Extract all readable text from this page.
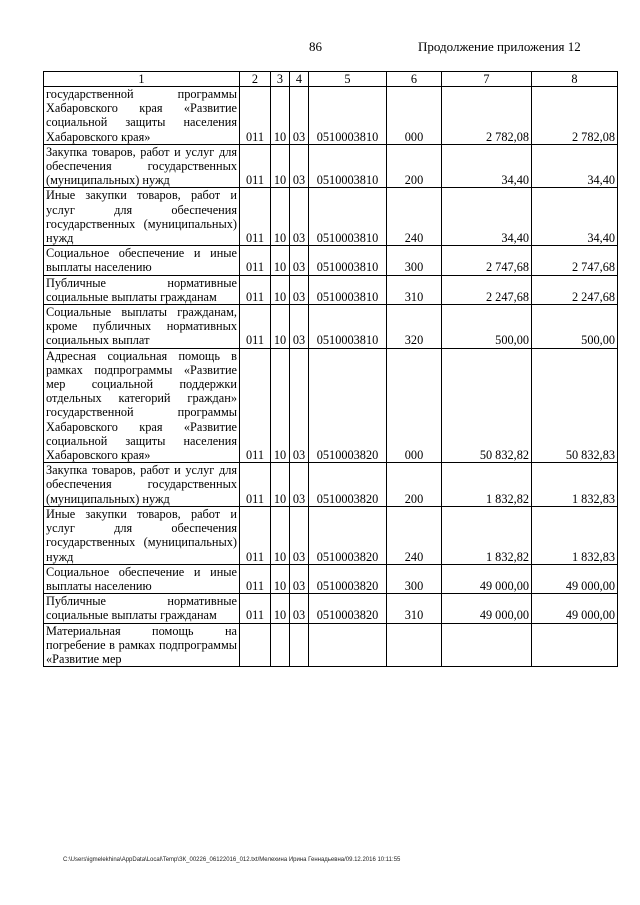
86	Продолжение приложения 12
1	2	3	4	5	6	7	8
государственной программы Хабаровского края «Развитие социальной защиты населения Хабаровского края»	011	10	03	0510003810	000	2 782,08	2 782,08
Закупка товаров, работ и услуг для обеспечения государственных (муниципальных) нужд	011	10	03	0510003810	200	34,40	34,40
Иные закупки товаров, работ и услуг для обеспечения государственных (муниципальных) нужд	011	10	03	0510003810	240	34,40	34,40
Социальное обеспечение и иные выплаты населению	011	10	03	0510003810	300	2 747,68	2 747,68
Публичные нормативные социальные выплаты гражданам	011	10	03	0510003810	310	2 247,68	2 247,68
Социальные выплаты гражданам, кроме публичных нормативных социальных выплат	011	10	03	0510003810	320	500,00	500,00
Адресная социальная помощь в рамках подпрограммы «Развитие мер социальной поддержки отдельных категорий граждан» государственной программы Хабаровского края «Развитие социальной защиты населения Хабаровского края»	011	10	03	0510003820	000	50 832,82	50 832,83
Закупка товаров, работ и услуг для обеспечения государственных (муниципальных) нужд	011	10	03	0510003820	200	1 832,82	1 832,83
Иные закупки товаров, работ и услуг для обеспечения государственных (муниципальных) нужд	011	10	03	0510003820	240	1 832,82	1 832,83
Социальное обеспечение и иные выплаты населению	011	10	03	0510003820	300	49 000,00	49 000,00
Публичные нормативные социальные выплаты гражданам	011	10	03	0510003820	310	49 000,00	49 000,00
Материальная помощь на погребение в рамках подпрограммы «Развитие мер							
C:\Users\igmelekhina\AppData\Local\Temp\ЗК_00226_06122016_012.txt/Мелехина Ирина Геннадьевна/09.12.2016 10:11:55
